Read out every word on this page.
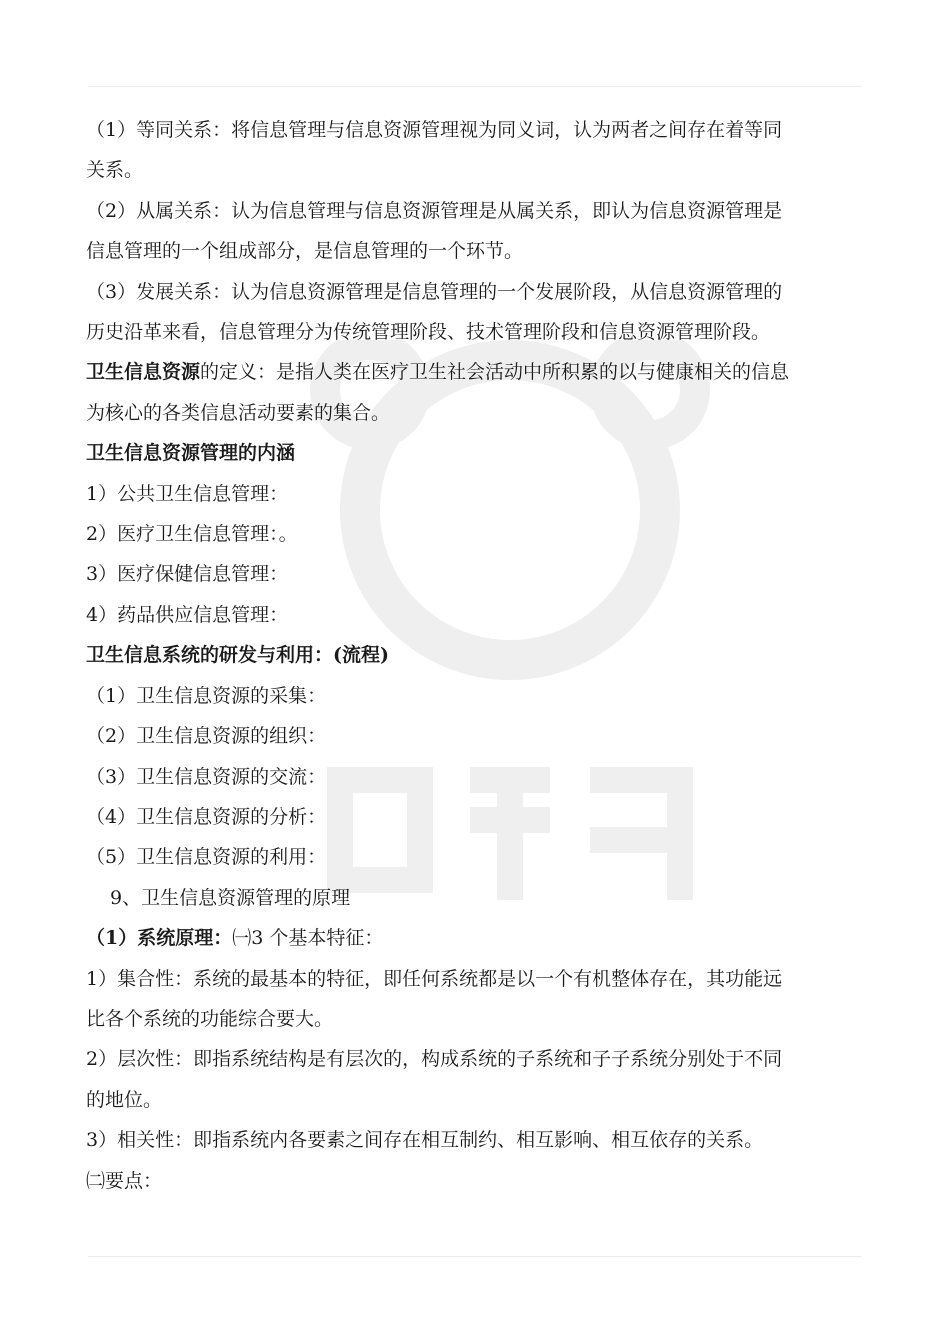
（1）等同关系：将信息管理与信息资源管理视为同义词，认为两者之间存在着等同

关系。

（2）从属关系：认为信息管理与信息资源管理是从属关系，即认为信息资源管理是

信息管理的一个组成部分，是信息管理的一个环节。

（3）发展关系：认为信息资源管理是信息管理的一个发展阶段，从信息资源管理的

历史沿革来看，信息管理分为传统管理阶段、技术管理阶段和信息资源管理阶段。

卫生信息资源的定义：是指人类在医疗卫生社会活动中所积累的以与健康相关的信息

为核心的各类信息活动要素的集合。

卫生信息资源管理的内涵

1）公共卫生信息管理：

2）医疗卫生信息管理：。

3）医疗保健信息管理：

4）药品供应信息管理：

卫生信息系统的研发与利用：(流程)

（1）卫生信息资源的采集：

（2）卫生信息资源的组织：

（3）卫生信息资源的交流：

（4）卫生信息资源的分析：

（5）卫生信息资源的利用：

9、卫生信息资源管理的原理

（1）系统原理：㈠3 个基本特征：

1）集合性：系统的最基本的特征，即任何系统都是以一个有机整体存在，其功能远

比各个系统的功能综合要大。

2）层次性：即指系统结构是有层次的，构成系统的子系统和子子系统分别处于不同

的地位。

3）相关性：即指系统内各要素之间存在相互制约、相互影响、相互依存的关系。

㈡要点：
